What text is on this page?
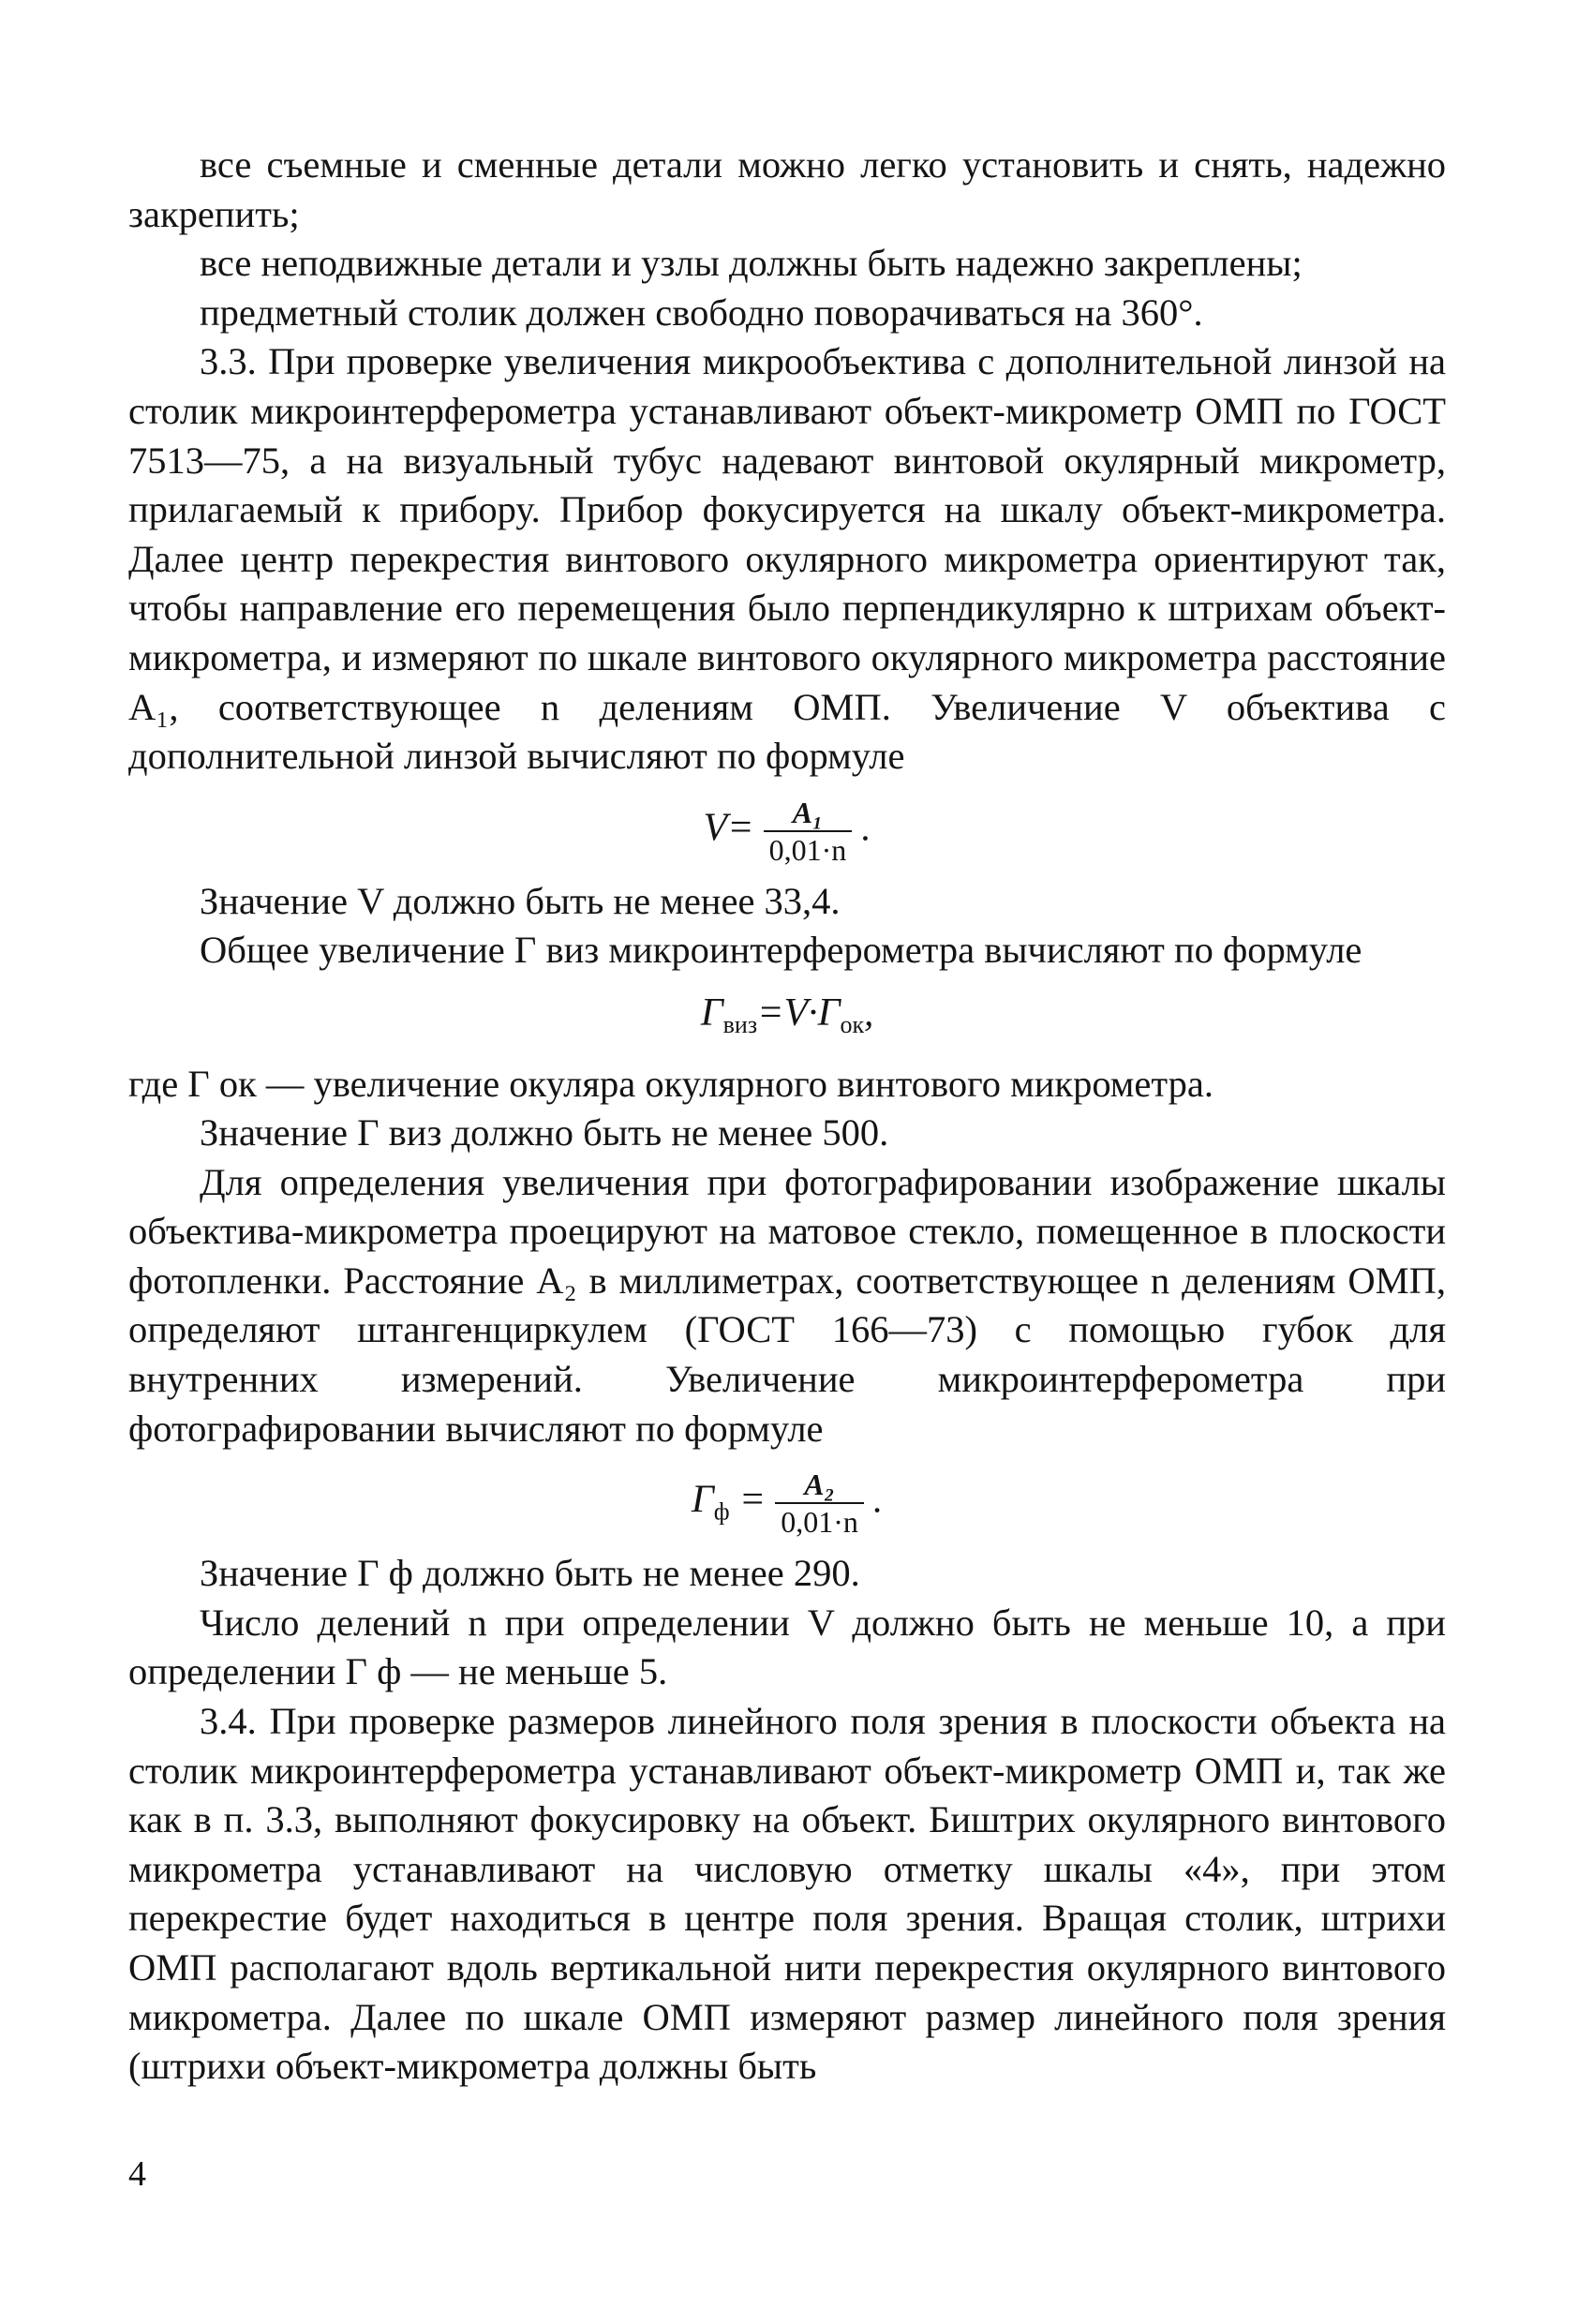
все съемные и сменные детали можно легко установить и снять, надежно закрепить;

все неподвижные детали и узлы должны быть надежно закреплены;

предметный столик должен свободно поворачиваться на 360°.

3.3. При проверке увеличения микрообъектива с дополнительной линзой на столик микроинтерферометра устанавливают объект-микрометр ОМП по ГОСТ 7513—75, а на визуальный тубус надевают винтовой окулярный микрометр, прилагаемый к прибору. Прибор фокусируется на шкалу объект-микрометра. Далее центр перекрестия винтового окулярного микрометра ориентируют так, чтобы направление его перемещения было перпендикулярно к штрихам объект-микрометра, и измеряют по шкале винтового окулярного микрометра расстояние A₁, соответствующее n делениям ОМП. Увеличение V объектива с дополнительной линзой вычисляют по формуле

$V= \frac{\text{A₁}}{0,01\cdot n}$ .

Значение V должно быть не менее 33,4.

Общее увеличение Г виз микроинтерферометра вычисляют по формуле

$Г_{виз}=V\cdot Г_{ок}$,

где Г ок — увеличение окуляра окулярного винтового микрометра.

Значение Г виз должно быть не менее 500.

Для определения увеличения при фотографировании изображение шкалы объектива-микрометра проецируют на матовое стекло, помещенное в плоскости фотопленки. Расстояние A₂ в миллиметрах, соответствующее n делениям ОМП, определяют штангенциркулем (ГОСТ 166—73) с помощью губок для внутренних измерений. Увеличение микроинтерферометра при фотографировании вычисляют по формуле

$Г_ф = \frac{\text{A₂}}{0,01\cdot n}$ .

Значение Г ф должно быть не менее 290.

Число делений n при определении V должно быть не меньше 10, а при определении Г ф — не меньше 5.

3.4. При проверке размеров линейного поля зрения в плоскости объекта на столик микроинтерферометра устанавливают объект-микрометр ОМП и, так же как в п. 3.3, выполняют фокусировку на объект. Биштрих окулярного винтового микрометра устанавливают на числовую отметку шкалы «4», при этом перекрестие будет находиться в центре поля зрения. Вращая столик, штрихи ОМП располагают вдоль вертикальной нити перекрестия окулярного винтового микрометра. Далее по шкале ОМП измеряют размер линейного поля зрения (штрихи объект-микрометра должны быть

4
